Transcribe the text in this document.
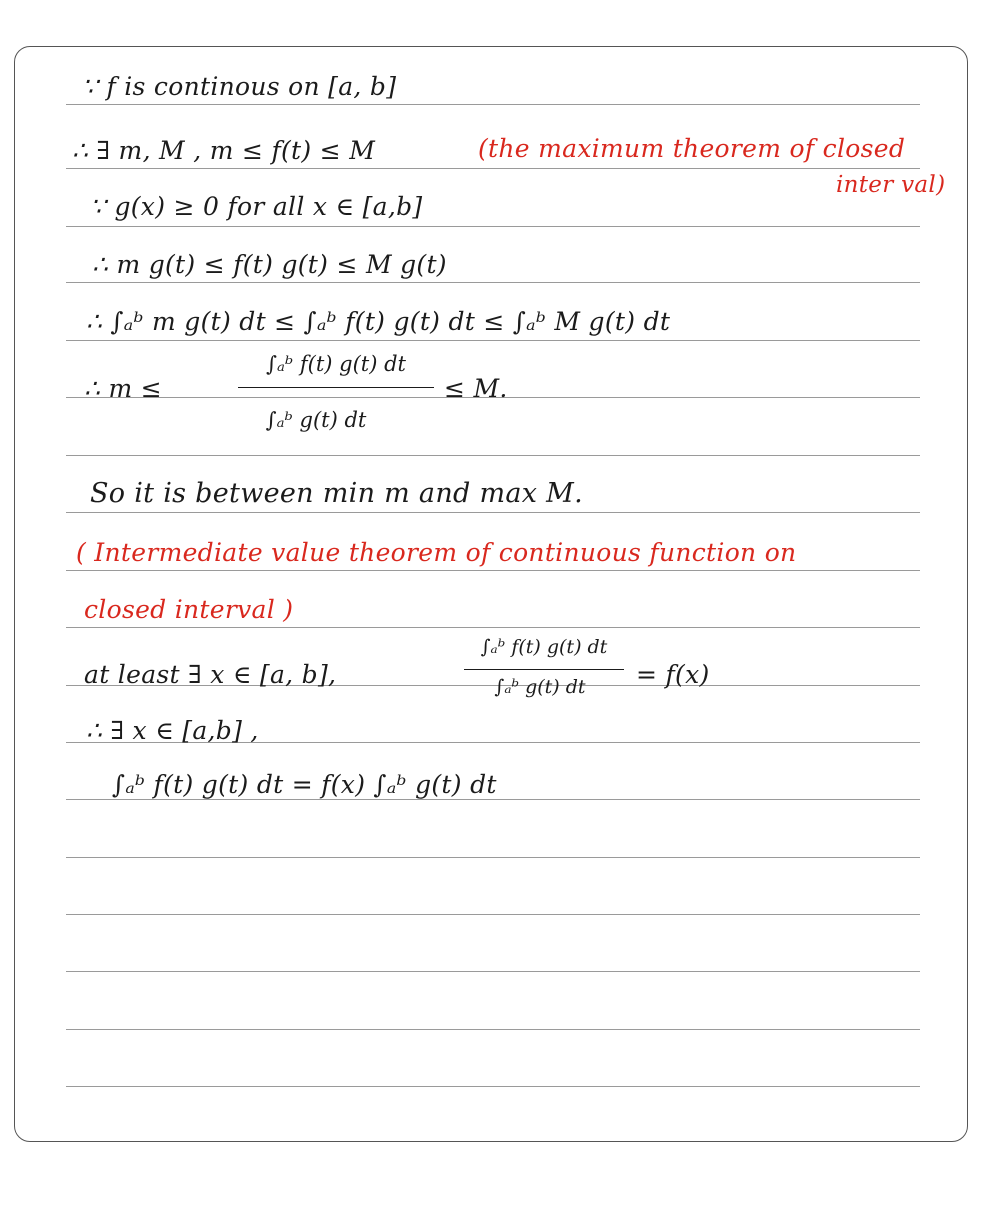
∵ f is continous on [a, b]
∴ ∃ m, M , m ≤ f(t) ≤ M	(the maximum theorem of closed
inter val)
∵ g(x) ≥ 0 for all x ∈ [a,b]
∴ m g(t) ≤ f(t) g(t) ≤ M g(t)
∴ ∫ₐᵇ m g(t) dt ≤ ∫ₐᵇ f(t) g(t) dt ≤ ∫ₐᵇ M g(t) dt
∴ m ≤
∫ₐᵇ f(t) g(t) dt
∫ₐᵇ g(t) dt
≤ M.
So it is between min m and max M.
( Intermediate value theorem of continuous function on
closed interval )
at least ∃ x ∈ [a, b],
∫ₐᵇ f(t) g(t) dt
∫ₐᵇ g(t) dt	= f(x)
∴ ∃ x ∈ [a,b] ,
∫ₐᵇ f(t) g(t) dt = f(x) ∫ₐᵇ g(t) dt
